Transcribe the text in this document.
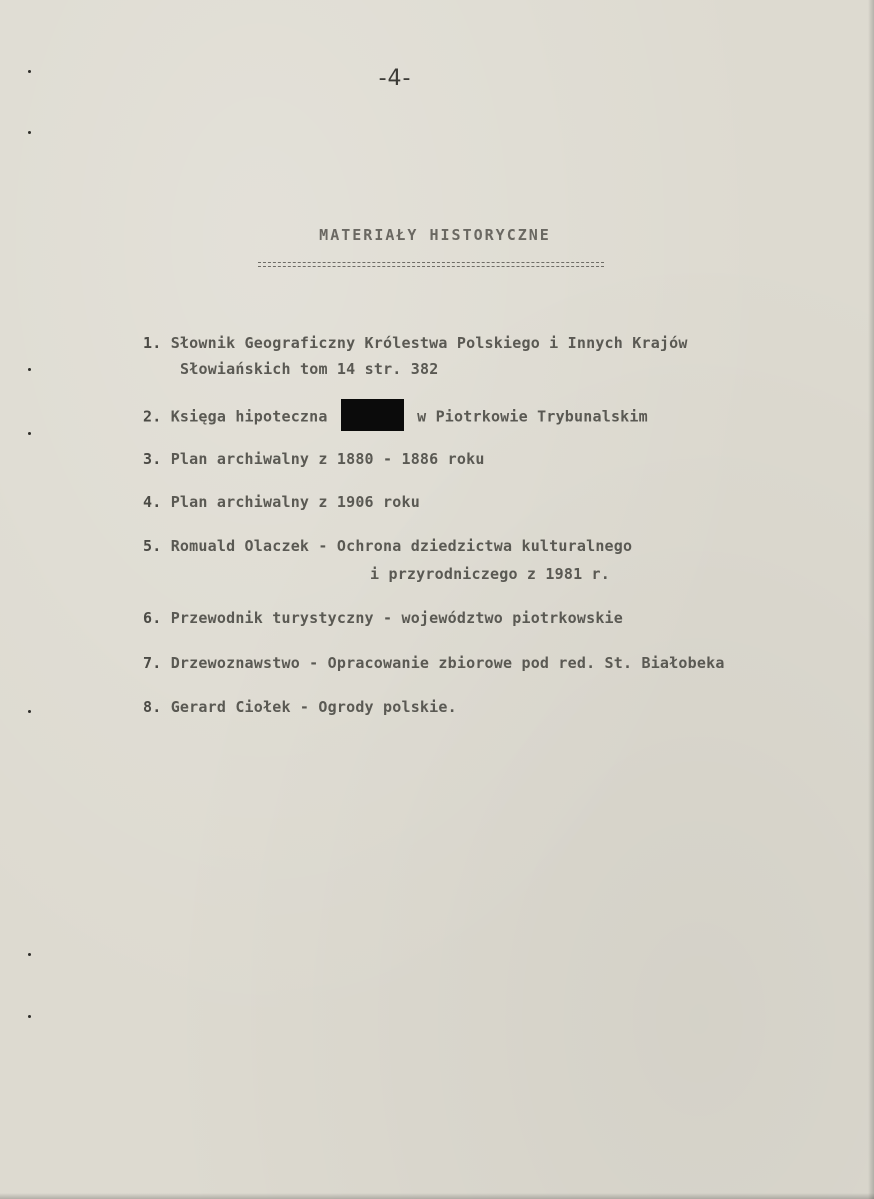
-4-
MATERIAŁY HISTORYCZNE
1. Słownik Geograficzny Królestwa Polskiego i Innych Krajów
Słowiańskich tom 14 str. 382
2. Księga hipoteczna	w Piotrkowie Trybunalskim
3. Plan archiwalny z 1880 - 1886 roku
4. Plan archiwalny z 1906 roku
5. Romuald Olaczek - Ochrona dziedzictwa kulturalnego
i przyrodniczego z 1981 r.
6. Przewodnik turystyczny - województwo piotrkowskie
7. Drzewoznawstwo - Opracowanie zbiorowe pod red. St. Białobeka
8. Gerard Ciołek - Ogrody polskie.
